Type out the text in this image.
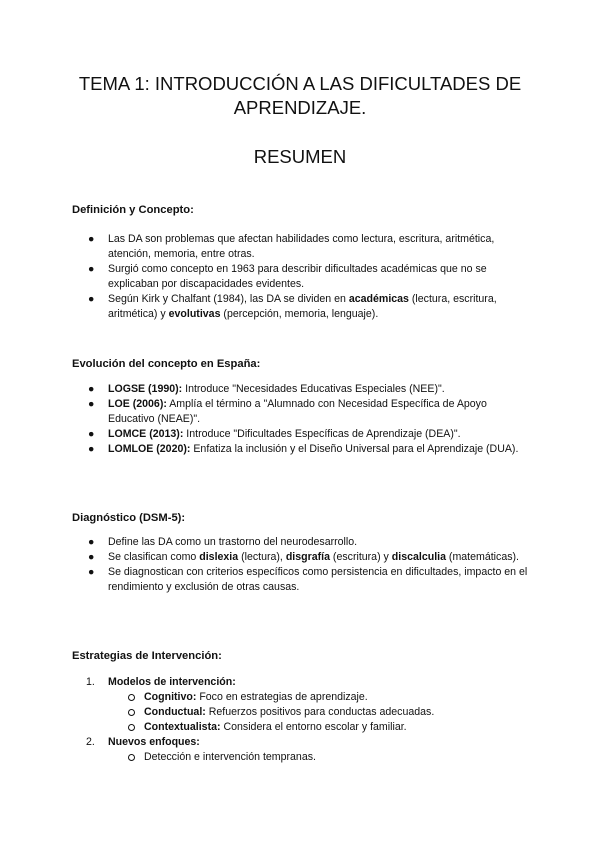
TEMA 1: INTRODUCCIÓN A LAS DIFICULTADES DE
APRENDIZAJE.
RESUMEN
Definición y Concepto:
● Las DA son problemas que afectan habilidades como lectura, escritura, aritmética, atención, memoria, entre otras.
● Surgió como concepto en 1963 para describir dificultades académicas que no se explicaban por discapacidades evidentes.
● Según Kirk y Chalfant (1984), las DA se dividen en académicas (lectura, escritura, aritmética) y evolutivas (percepción, memoria, lenguaje).
Evolución del concepto en España:
● LOGSE (1990): Introduce "Necesidades Educativas Especiales (NEE)".
● LOE (2006): Amplía el término a "Alumnado con Necesidad Específica de Apoyo Educativo (NEAE)".
● LOMCE (2013): Introduce "Dificultades Específicas de Aprendizaje (DEA)".
● LOMLOE (2020): Enfatiza la inclusión y el Diseño Universal para el Aprendizaje (DUA).
Diagnóstico (DSM-5):
● Define las DA como un trastorno del neurodesarrollo.
● Se clasifican como dislexia (lectura), disgrafía (escritura) y discalculia (matemáticas).
● Se diagnostican con criterios específicos como persistencia en dificultades, impacto en el rendimiento y exclusión de otras causas.
Estrategias de Intervención:
1. Modelos de intervención:
Cognitivo: Foco en estrategias de aprendizaje.
Conductual: Refuerzos positivos para conductas adecuadas.
Contextualista: Considera el entorno escolar y familiar.
2. Nuevos enfoques:
Detección e intervención tempranas.
